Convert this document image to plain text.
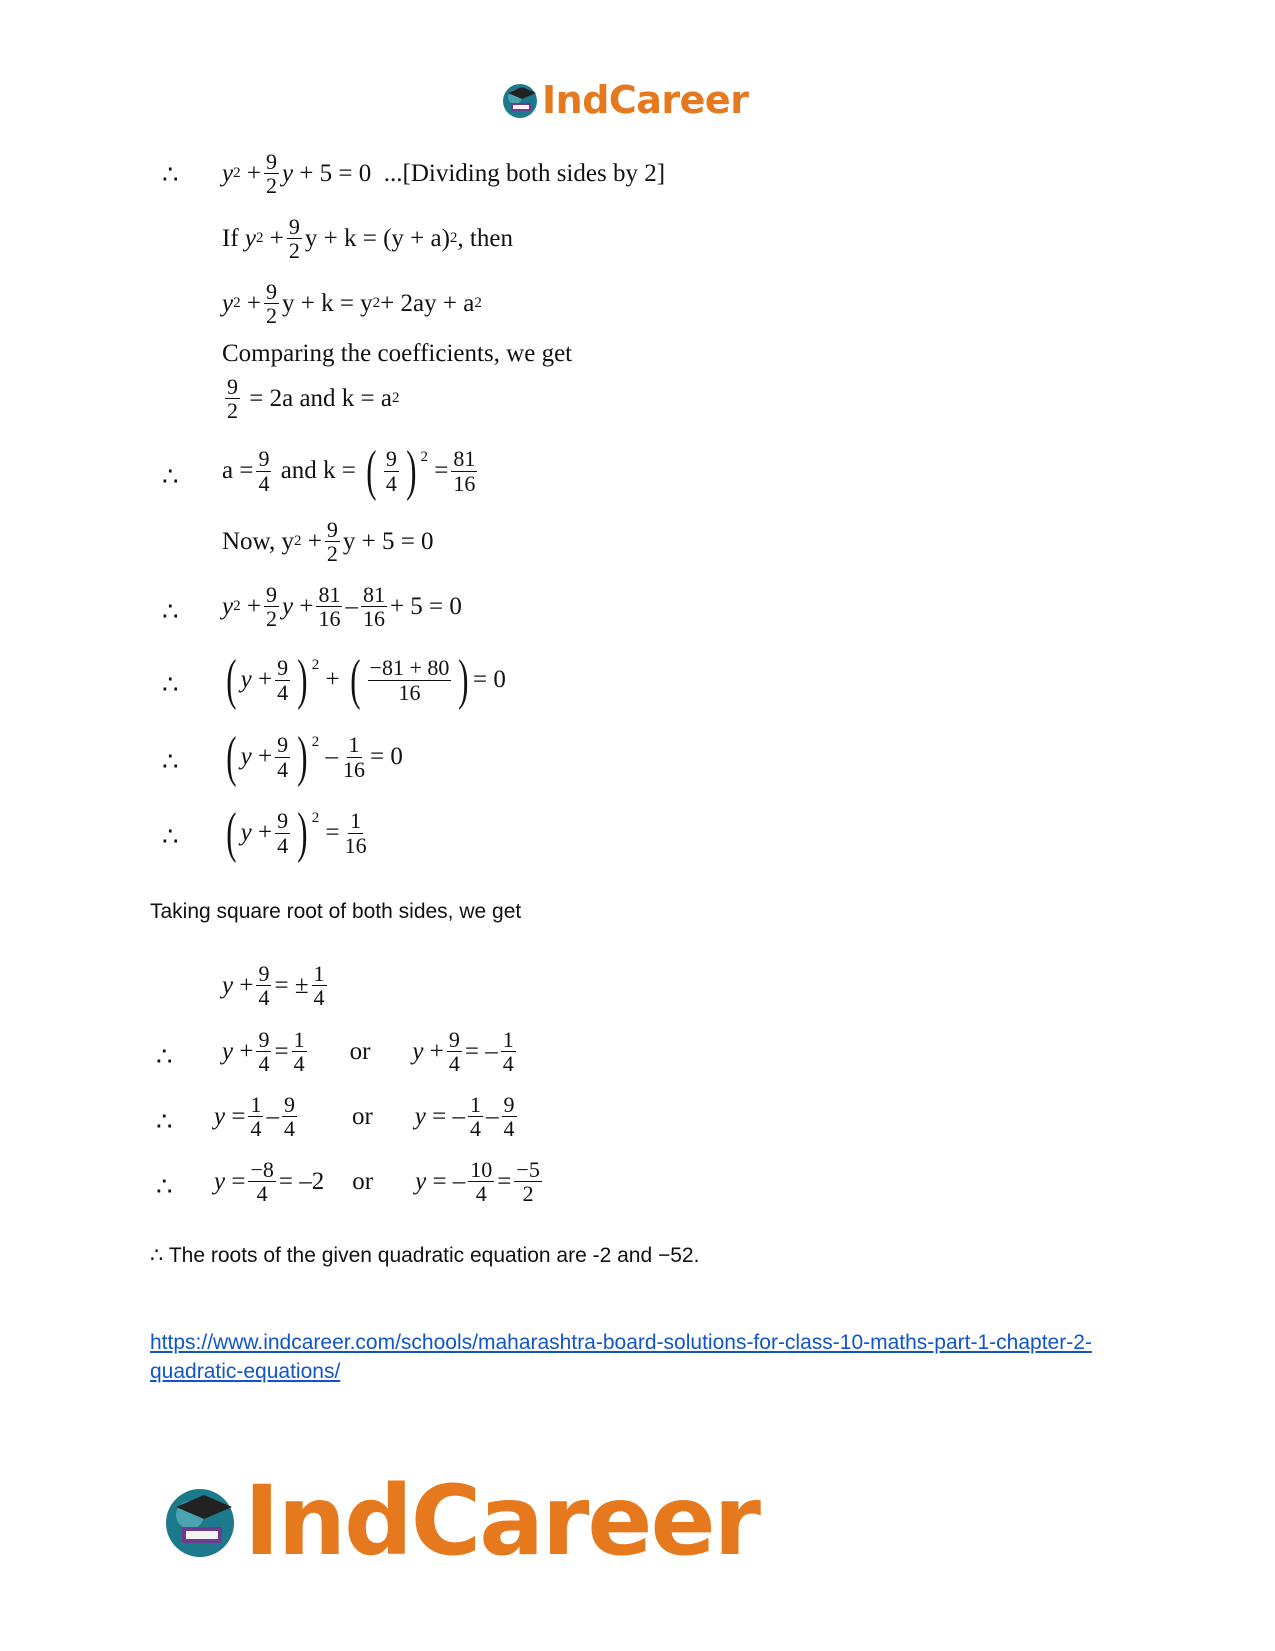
IndCareer
∴ y $2 + \frac{9}{2}$ y + 5 = 0 ...[Dividing both sides by 2]
If
y $2 + \frac{9}{2}$ y + k = (y + a) 2 , then
y $2 + \frac{9}{2}$ y + k = y 2 + 2ay + a 2
Comparing the coefficients, we get
$\frac{9}{2}$
= 2a and k = a 2
∴ $a = \frac{9}{4}$
and k =
( $\frac{9}{4}$ ) $^2$

= $\frac{81}{16}$
Now, y $2 + \frac{9}{2}$ y + 5 = 0
∴ y $2 + \frac{9}{2}$ $y + \frac{81}{16} - \frac{81}{16} + 5 = 0$
∴ ( $y + \frac{9}{4}$ ) $^2$
+ ( $\frac{-81 + 80}{16}$ ) = 0
∴ ( $y + \frac{9}{4}$ ) $^2$
– $\frac{1}{16} = 0$
∴ ( $y + \frac{9}{4}$ ) $^2$
= $\frac{1}{16}$
Taking square root of both sides, we get
$y + \frac{9}{4}$ = ± $\frac{1}{4}$
∴ $y + \frac{9}{4} = \frac{1}{4}$ or $y + \frac{9}{4}$ = – $\frac{1}{4}$
∴ $y = \frac{1}{4} - \frac{9}{4}$ or y = – $\frac{1}{4} - \frac{9}{4}$
∴ $y = \frac{-8}{4} = -2$ or y = – $\frac{10}{4} = \frac{-5}{2}$
∴ The roots of the given quadratic equation are -2 and −52.
https://www.indcareer.com/schools/maharashtra-board-solutions-for-class-10-maths-part-1-chapter-2-quadratic-equations/
IndCareer
